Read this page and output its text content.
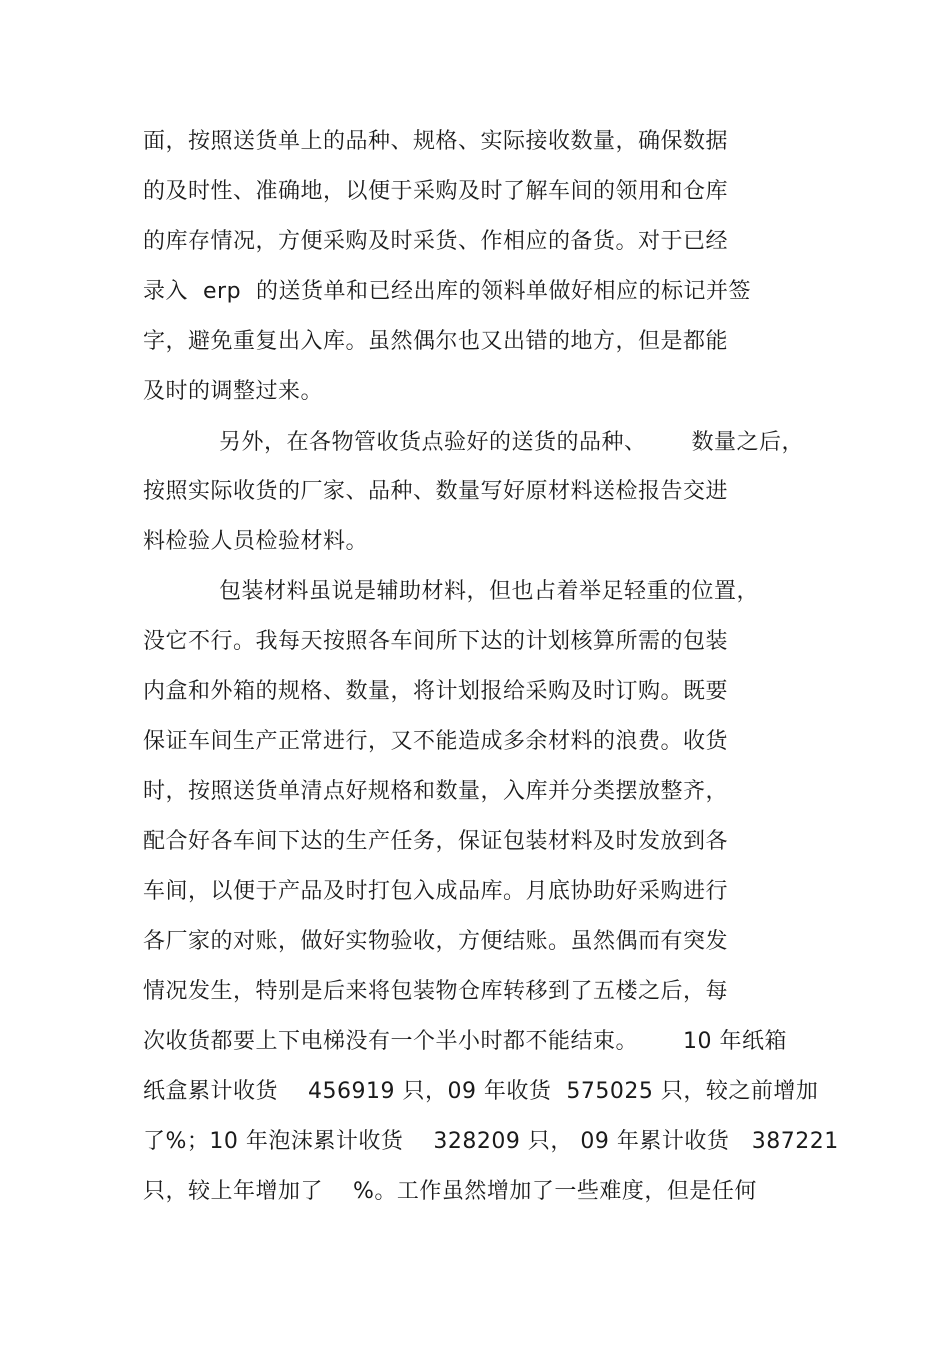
面，按照送货单上的品种、规格、实际接收数量，确保数据
的及时性、准确地，以便于采购及时了解车间的领用和仓库
的库存情况，方便采购及时采货、作相应的备货。对于已经
录入  erp  的送货单和已经出库的领料单做好相应的标记并签
字，避免重复出入库。虽然偶尔也又出错的地方，但是都能
及时的调整过来。
另外，在各物管收货点验好的送货的品种、      数量之后，
按照实际收货的厂家、品种、数量写好原材料送检报告交进
料检验人员检验材料。
包装材料虽说是辅助材料，但也占着举足轻重的位置，
没它不行。我每天按照各车间所下达的计划核算所需的包装
内盒和外箱的规格、数量，将计划报给采购及时订购。既要
保证车间生产正常进行，又不能造成多余材料的浪费。收货
时，按照送货单清点好规格和数量，入库并分类摆放整齐，
配合好各车间下达的生产任务，保证包装材料及时发放到各
车间，以便于产品及时打包入成品库。月底协助好采购进行
各厂家的对账，做好实物验收，方便结账。虽然偶而有突发
情况发生，特别是后来将包装物仓库转移到了五楼之后，每
次收货都要上下电梯没有一个半小时都不能结束。      10 年纸箱
纸盒累计收货    456919 只，09 年收货  575025 只，较之前增加
了%；10 年泡沫累计收货    328209 只， 09 年累计收货   387221
只，较上年增加了    %。工作虽然增加了一些难度，但是任何
